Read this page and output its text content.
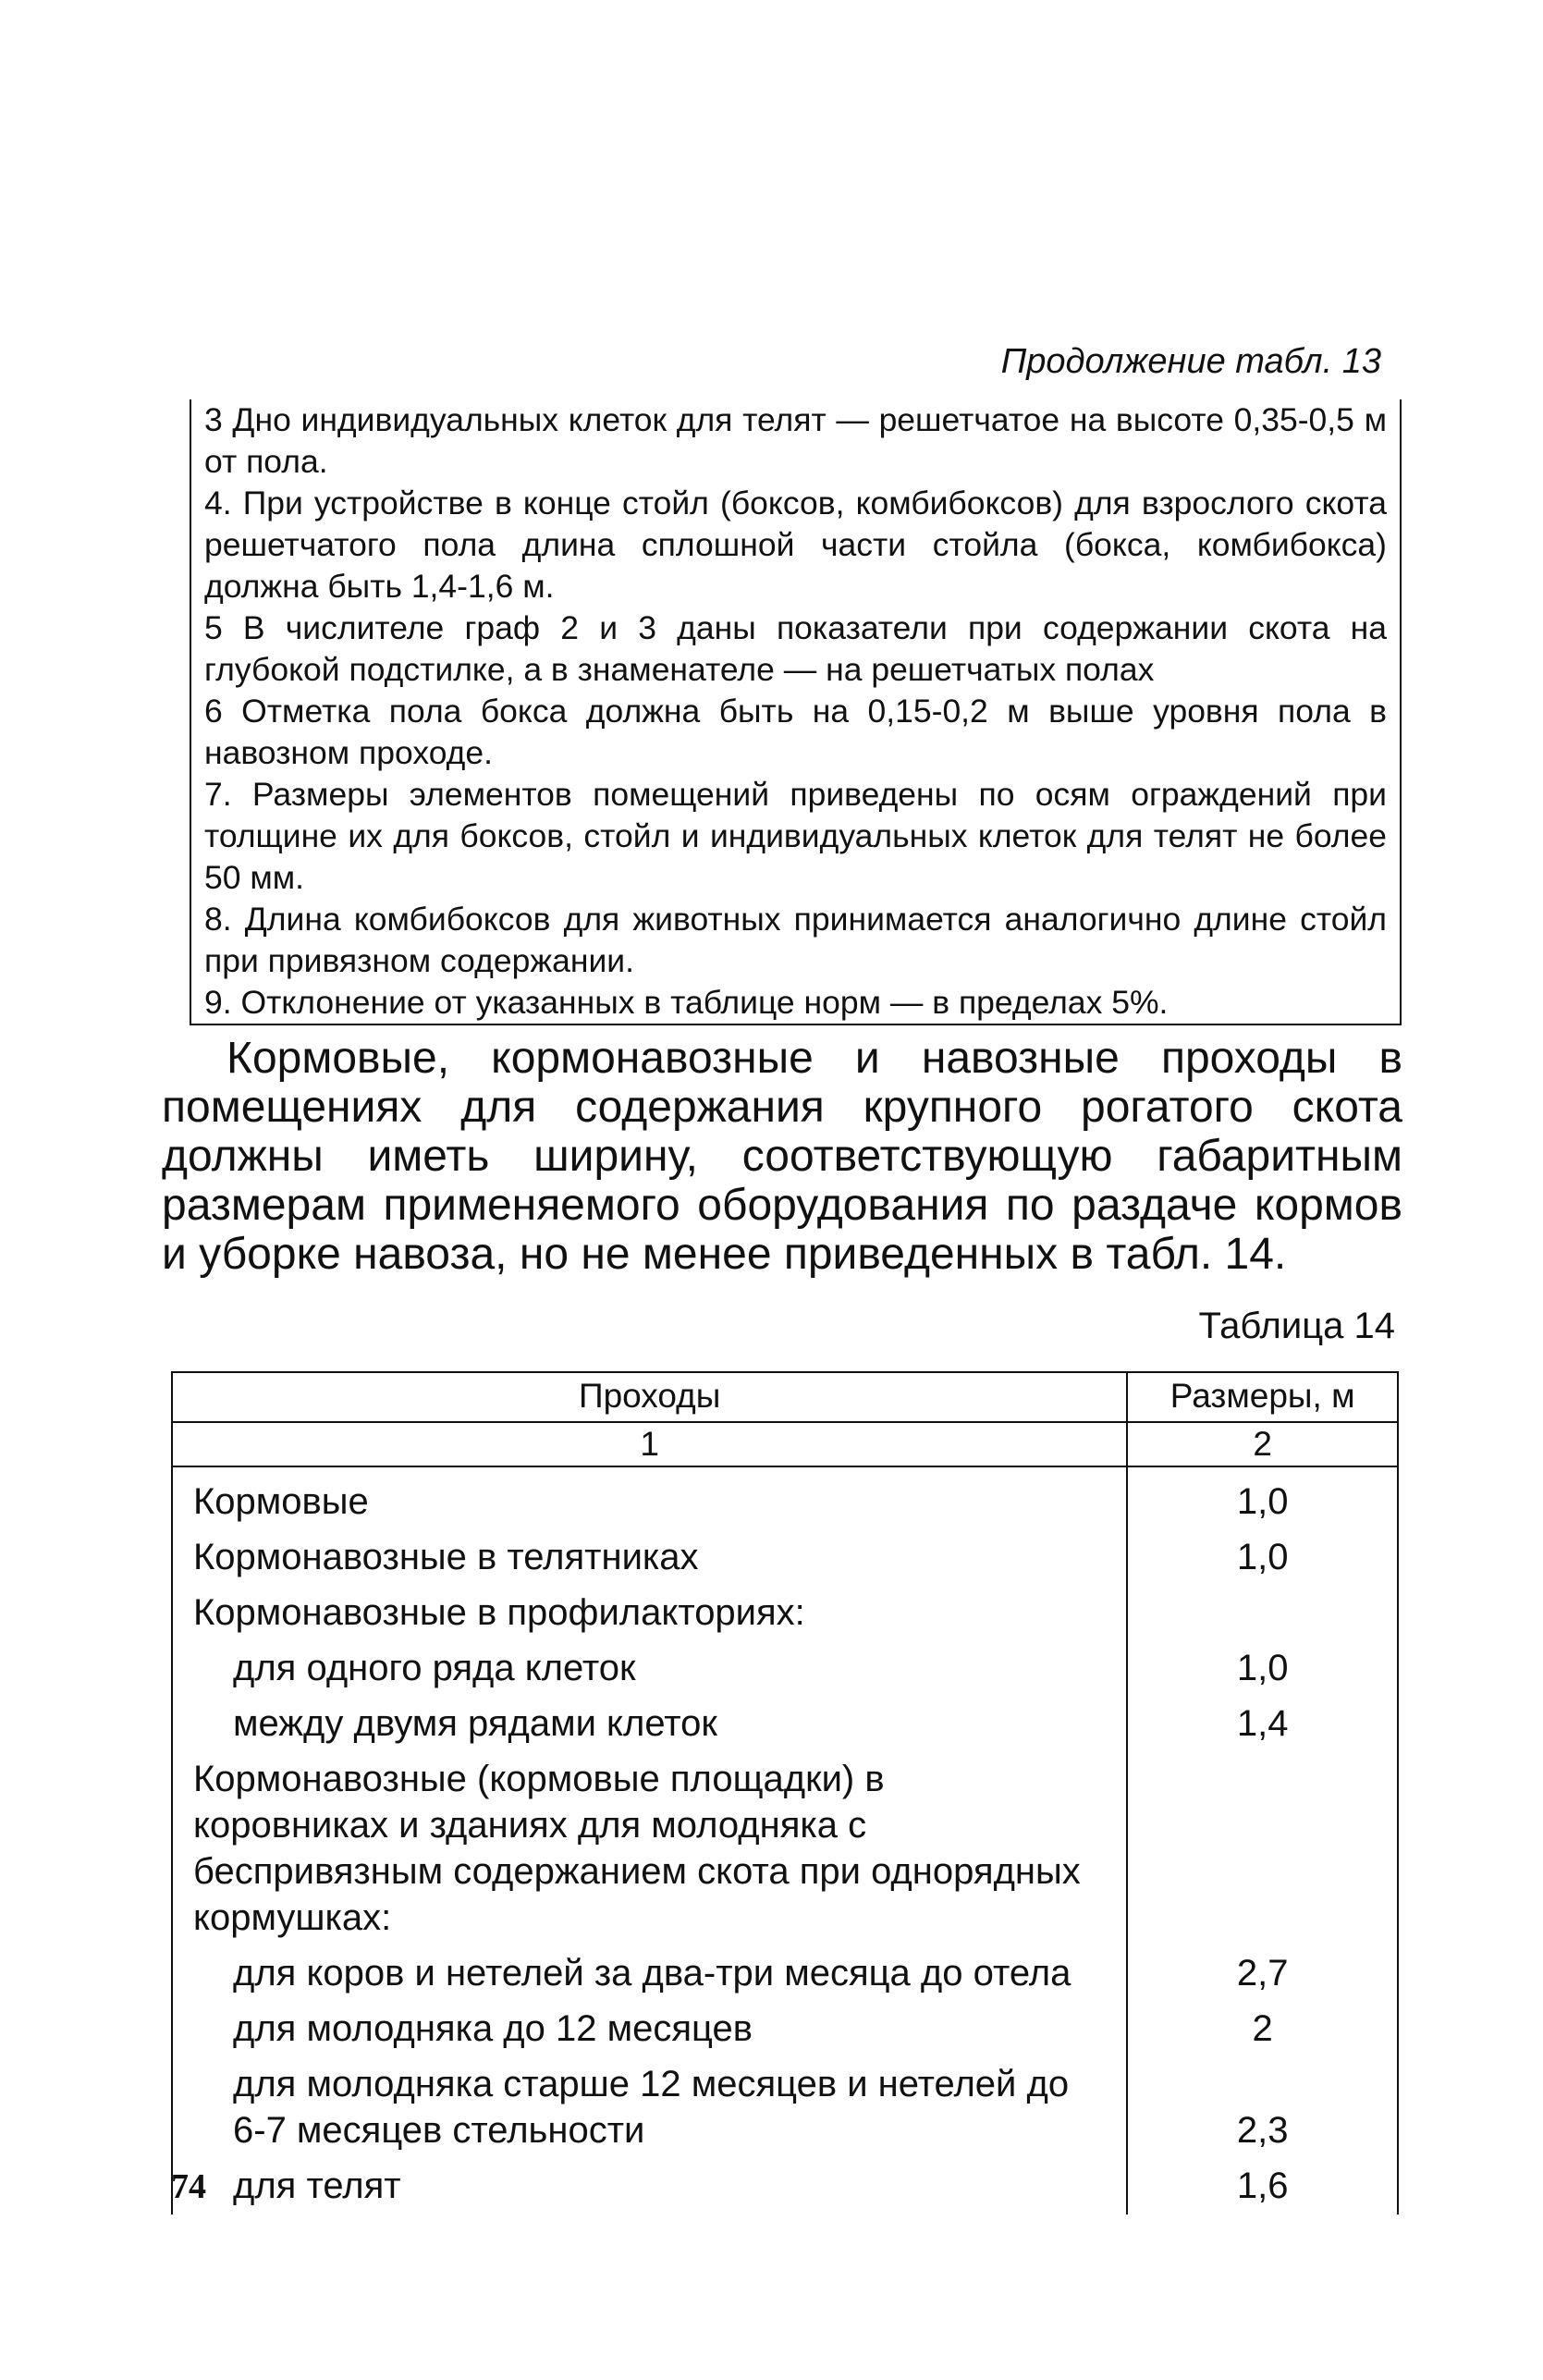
Продолжение табл. 13

3 Дно индивидуальных клеток для телят — решетчатое на высоте 0,35-0,5 м от пола.

4. При устройстве в конце стойл (боксов, комбибоксов) для взрослого скота решетчатого пола длина сплошной части стойла (бокса, комбибокса) должна быть 1,4-1,6 м.

5 В числителе граф 2 и 3 даны показатели при содержании скота на глубокой подстилке, а в знаменателе — на решетчатых полах

6 Отметка пола бокса должна быть на 0,15-0,2 м выше уровня пола в навозном проходе.

7. Размеры элементов помещений приведены по осям ограждений при толщине их для боксов, стойл и индивидуальных клеток для телят не более 50 мм.

8. Длина комбибоксов для животных принимается аналогично длине стойл при привязном содержании.

9. Отклонение от указанных в таблице норм — в пределах 5%.

Кормовые, кормонавозные и навозные проходы в помещениях для содержания крупного рогатого скота должны иметь ширину, соответствующую габаритным размерам применяемого оборудования по раздаче кормов и уборке навоза, но не менее приведенных в табл. 14.

Таблица 14
Проходы	Размеры, м
1	2
Кормовые	1,0
Кормонавозные в телятниках	1,0
Кормонавозные в профилакториях:	
для одного ряда клеток	1,0
между двумя рядами клеток	1,4
Кормонавозные (кормовые площадки) в коровниках и зданиях для молодняка с беспривязным содержанием скота при однорядных кормушках:	
для коров и нетелей за два-три месяца до отела	2,7
для молодняка до 12 месяцев	2
для молодняка старше 12 месяцев и нетелей до 6-7 месяцев стельности	2,3
для телят	1,6
74
